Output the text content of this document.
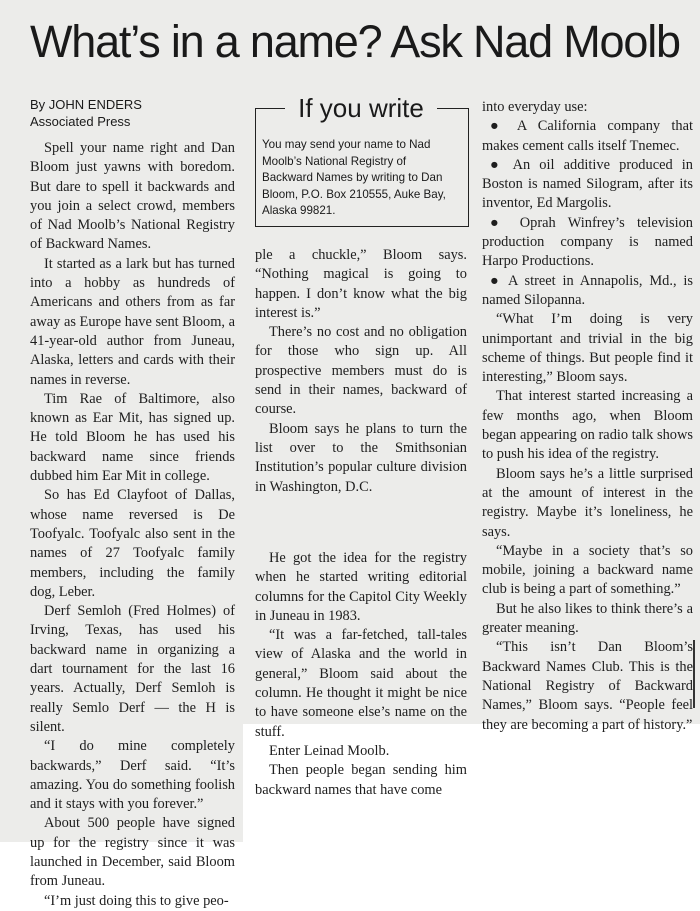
What’s in a name? Ask Nad Moolb
By JOHN ENDERS
Associated Press

Spell your name right and Dan Bloom just yawns with boredom. But dare to spell it backwards and you join a select crowd, members of Nad Moolb’s National Registry of Backward Names.

It started as a lark but has turned into a hobby as hundreds of Americans and others from as far away as Europe have sent Bloom, a 41-year-old author from Juneau, Alaska, letters and cards with their names in reverse.

Tim Rae of Baltimore, also known as Ear Mit, has signed up. He told Bloom he has used his backward name since friends dubbed him Ear Mit in college.

So has Ed Clayfoot of Dallas, whose name reversed is De Toofyalc. Toofyalc also sent in the names of 27 Toofyalc family members, including the family dog, Leber.

Derf Semloh (Fred Holmes) of Irving, Texas, has used his backward name in organizing a dart tournament for the last 16 years. Actually, Derf Semloh is really Semlo Derf — the H is silent.

“I do mine completely backwards,” Derf said. “It’s amazing. You do something foolish and it stays with you forever.”

About 500 people have signed up for the registry since it was launched in December, said Bloom from Juneau.

“I’m just doing this to give peo-

If you write
You may send your name to Nad Moolb’s National Registry of Backward Names by writing to Dan Bloom, P.O. Box 210555, Auke Bay, Alaska 99821.

ple a chuckle,” Bloom says. “Nothing magical is going to happen. I don’t know what the big interest is.”

There’s no cost and no obligation for those who sign up. All prospective members must do is send in their names, backward of course.

Bloom says he plans to turn the list over to the Smithsonian Institution’s popular culture division in Washington, D.C.

He got the idea for the registry when he started writing editorial columns for the Capitol City Weekly in Juneau in 1983.

“It was a far-fetched, tall-tales view of Alaska and the world in general,” Bloom said about the column. He thought it might be nice to have someone else’s name on the stuff.

Enter Leinad Moolb.

Then people began sending him backward names that have come

into everyday use:

● A California company that makes cement calls itself Tnemec.

● An oil additive produced in Boston is named Silogram, after its inventor, Ed Margolis.

● Oprah Winfrey’s television production company is named Harpo Productions.

● A street in Annapolis, Md., is named Silopanna.

“What I’m doing is very unimportant and trivial in the big scheme of things. But people find it interesting,” Bloom says.

That interest started increasing a few months ago, when Bloom began appearing on radio talk shows to push his idea of the registry.

Bloom says he’s a little surprised at the amount of interest in the registry. Maybe it’s loneliness, he says.

“Maybe in a society that’s so mobile, joining a backward name club is being a part of something.”

But he also likes to think there’s a greater meaning.

“This isn’t Dan Bloom’s Backward Names Club. This is the National Registry of Backward Names,” Bloom says. “People feel they are becoming a part of history.”
